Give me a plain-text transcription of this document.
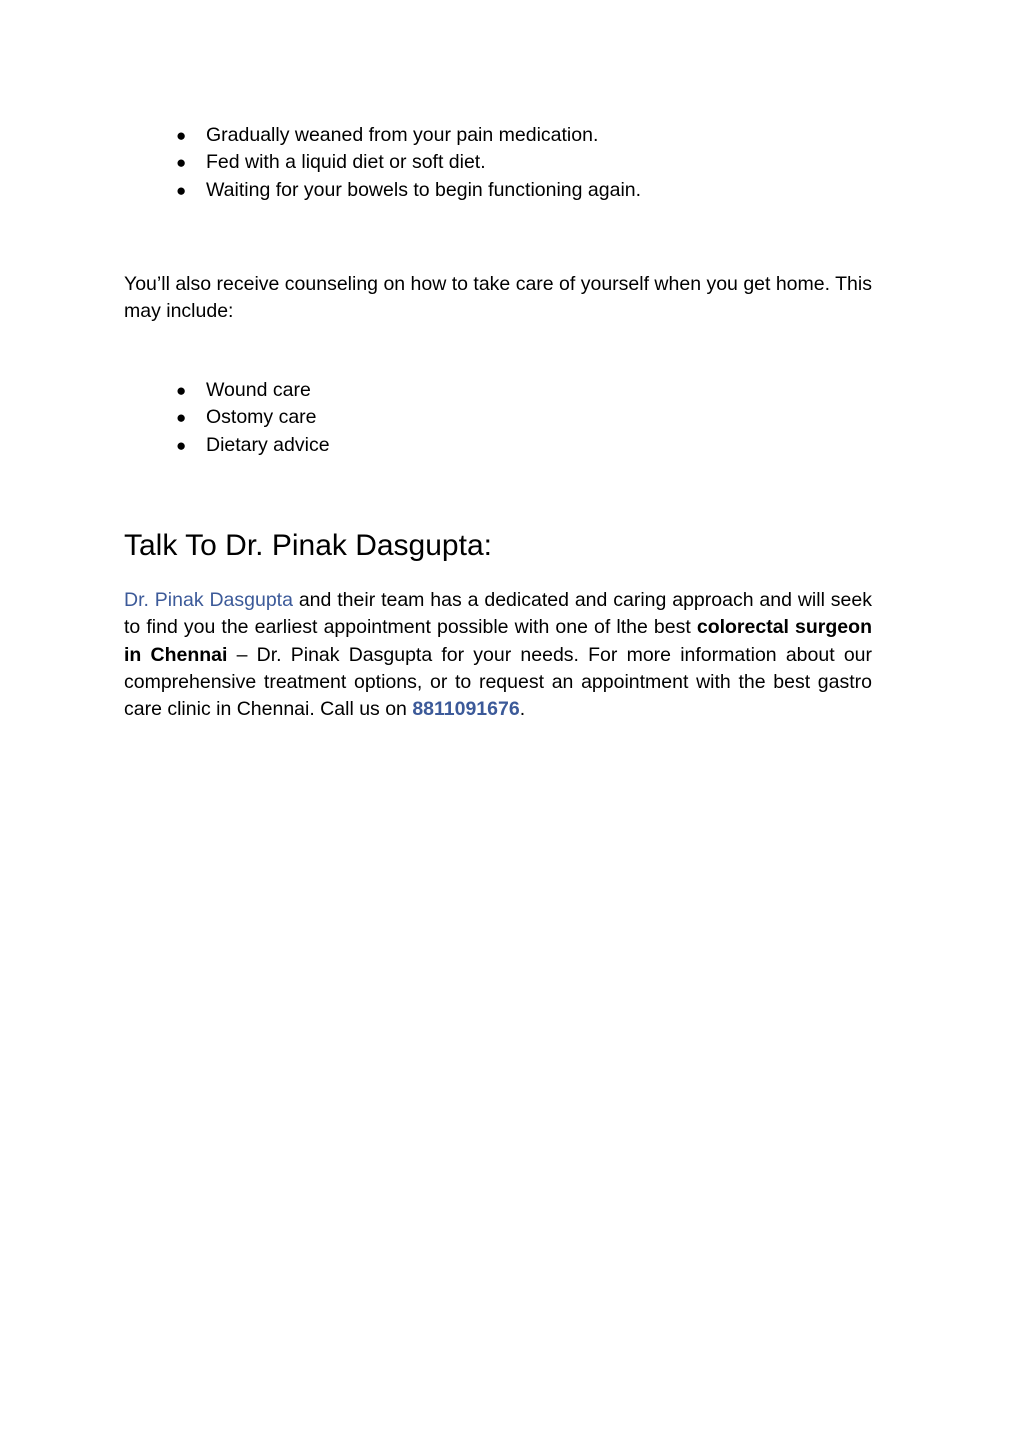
● Gradually weaned from your pain medication.
● Fed with a liquid diet or soft diet.
● Waiting for your bowels to begin functioning again.

You’ll also receive counseling on how to take care of yourself when you get home. This may include:

● Wound care
● Ostomy care
● Dietary advice
Talk To Dr. Pinak Dasgupta:

Dr. Pinak Dasgupta and their team has a dedicated and caring approach and will seek to find you the earliest appointment possible with one of lthe best colorectal surgeon in Chennai – Dr. Pinak Dasgupta for your needs. For more information about our comprehensive treatment options, or to request an appointment with the best gastro care clinic in Chennai. Call us on 8811091676.
